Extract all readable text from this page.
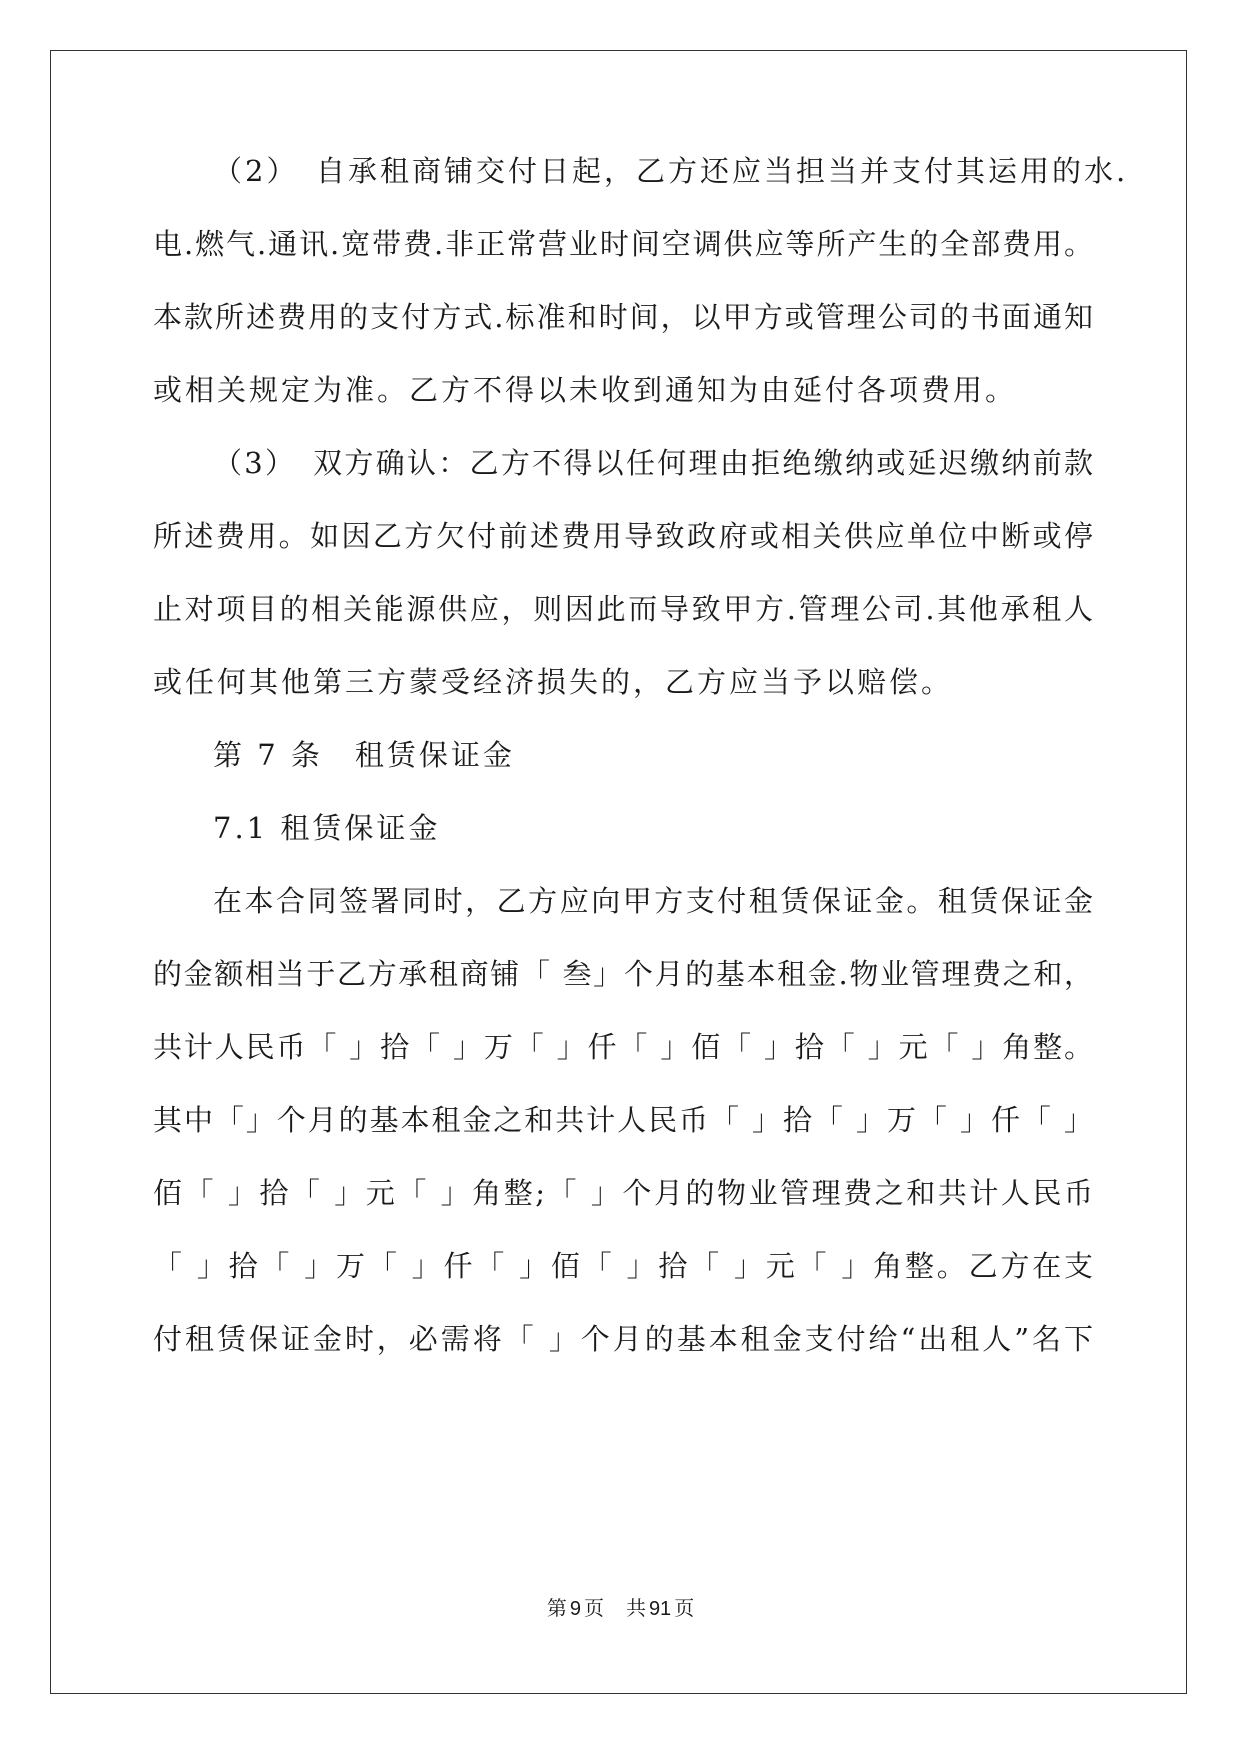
（2）　自承租商铺交付日起，乙方还应当担当并支付其运用的水.
电.燃气.通讯.宽带费.非正常营业时间空调供应等所产生的全部费用。
本款所述费用的支付方式.标准和时间，以甲方或管理公司的书面通知
或相关规定为准。乙方不得以未收到通知为由延付各项费用。
（3）　双方确认：乙方不得以任何理由拒绝缴纳或延迟缴纳前款
所述费用。如因乙方欠付前述费用导致政府或相关供应单位中断或停
止对项目的相关能源供应，则因此而导致甲方.管理公司.其他承租人
或任何其他第三方蒙受经济损失的，乙方应当予以赔偿。
第 7 条　租赁保证金
7.1 租赁保证金
在本合同签署同时，乙方应向甲方支付租赁保证金。租赁保证金
的金额相当于乙方承租商铺「 叁」个月的基本租金.物业管理费之和，
共计人民币「 」拾「 」万「 」仟「 」佰「 」拾「 」元「 」角整。
其中「」个月的基本租金之和共计人民币「 」拾「 」万「 」仟「 」
佰「 」拾「 」元「 」角整;「 」个月的物业管理费之和共计人民币
「 」拾「 」万「 」仟「 」佰「 」拾「 」元「 」角整。乙方在支
付租赁保证金时，必需将「 」个月的基本租金支付给“出租人”名下
第 9 页 共 91 页
